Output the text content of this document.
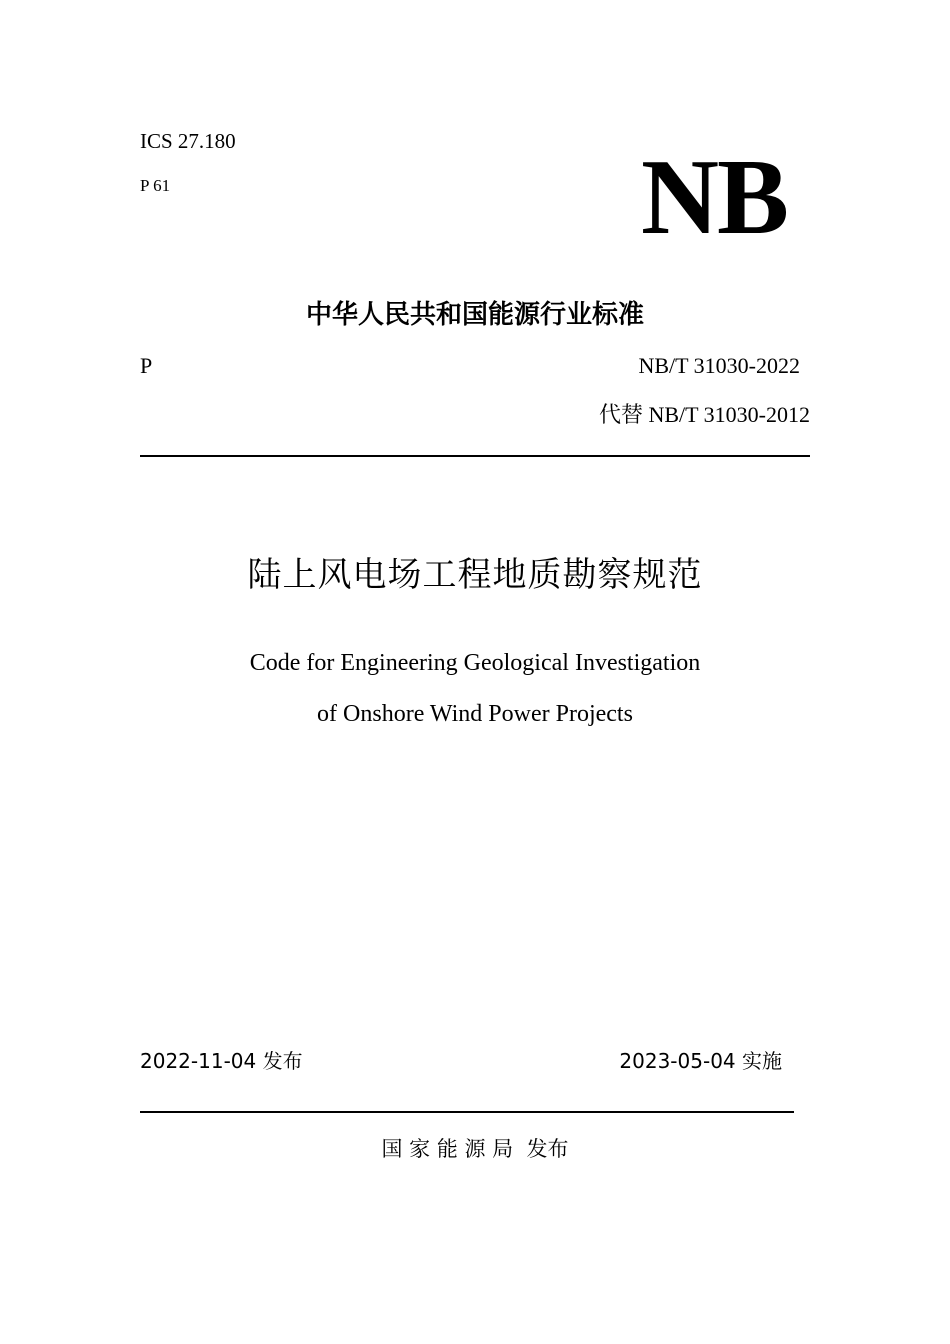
ICS 27.180
P 61	NB
中华人民共和国能源行业标准
P	NB/T 31030-2022
代替 NB/T 31030-2012
陆上风电场工程地质勘察规范
Code for Engineering Geological Investigation
of Onshore Wind Power Projects
2022-11-04 发布	2023-05-04 实施
国 家 能 源 局  发布
